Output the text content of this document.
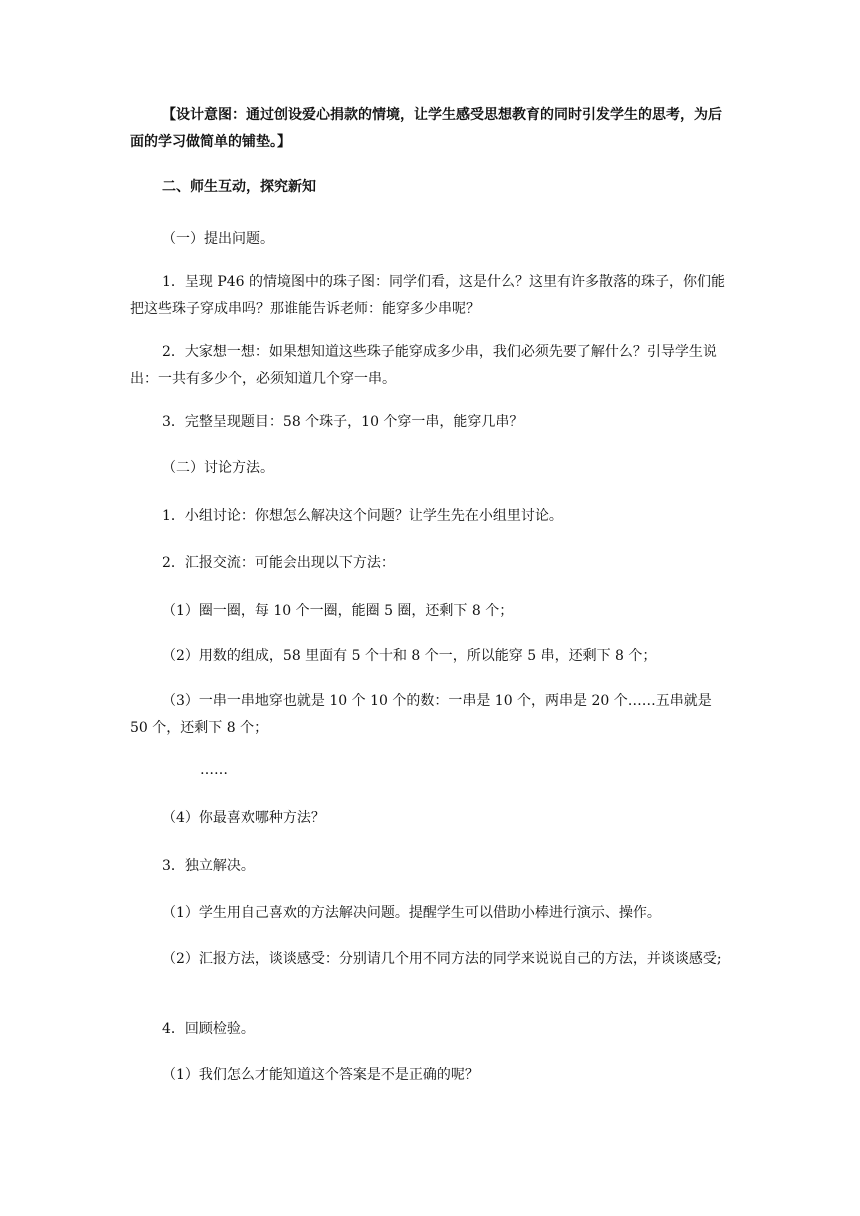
【设计意图：通过创设爱心捐款的情境，让学生感受思想教育的同时引发学生的思考，为后面的学习做简单的铺垫。】

二、师生互动，探究新知

（一）提出问题。

1．呈现 P46 的情境图中的珠子图：同学们看，这是什么？这里有许多散落的珠子，你们能把这些珠子穿成串吗？那谁能告诉老师：能穿多少串呢？

2．大家想一想：如果想知道这些珠子能穿成多少串，我们必须先要了解什么？引导学生说出：一共有多少个，必须知道几个穿一串。

3．完整呈现题目：58 个珠子，10 个穿一串，能穿几串？

（二）讨论方法。

1．小组讨论：你想怎么解决这个问题？让学生先在小组里讨论。

2．汇报交流：可能会出现以下方法：

（1）圈一圈，每 10 个一圈，能圈 5 圈，还剩下 8 个；

（2）用数的组成，58 里面有 5 个十和 8 个一，所以能穿 5 串，还剩下 8 个；

（3）一串一串地穿也就是 10 个 10 个的数：一串是 10 个，两串是 20 个……五串就是 50 个，还剩下 8 个；

……

（4）你最喜欢哪种方法？

3．独立解决。

（1）学生用自己喜欢的方法解决问题。提醒学生可以借助小棒进行演示、操作。

（2）汇报方法，谈谈感受：分别请几个用不同方法的同学来说说自己的方法，并谈谈感受;

4．回顾检验。

（1）我们怎么才能知道这个答案是不是正确的呢？
